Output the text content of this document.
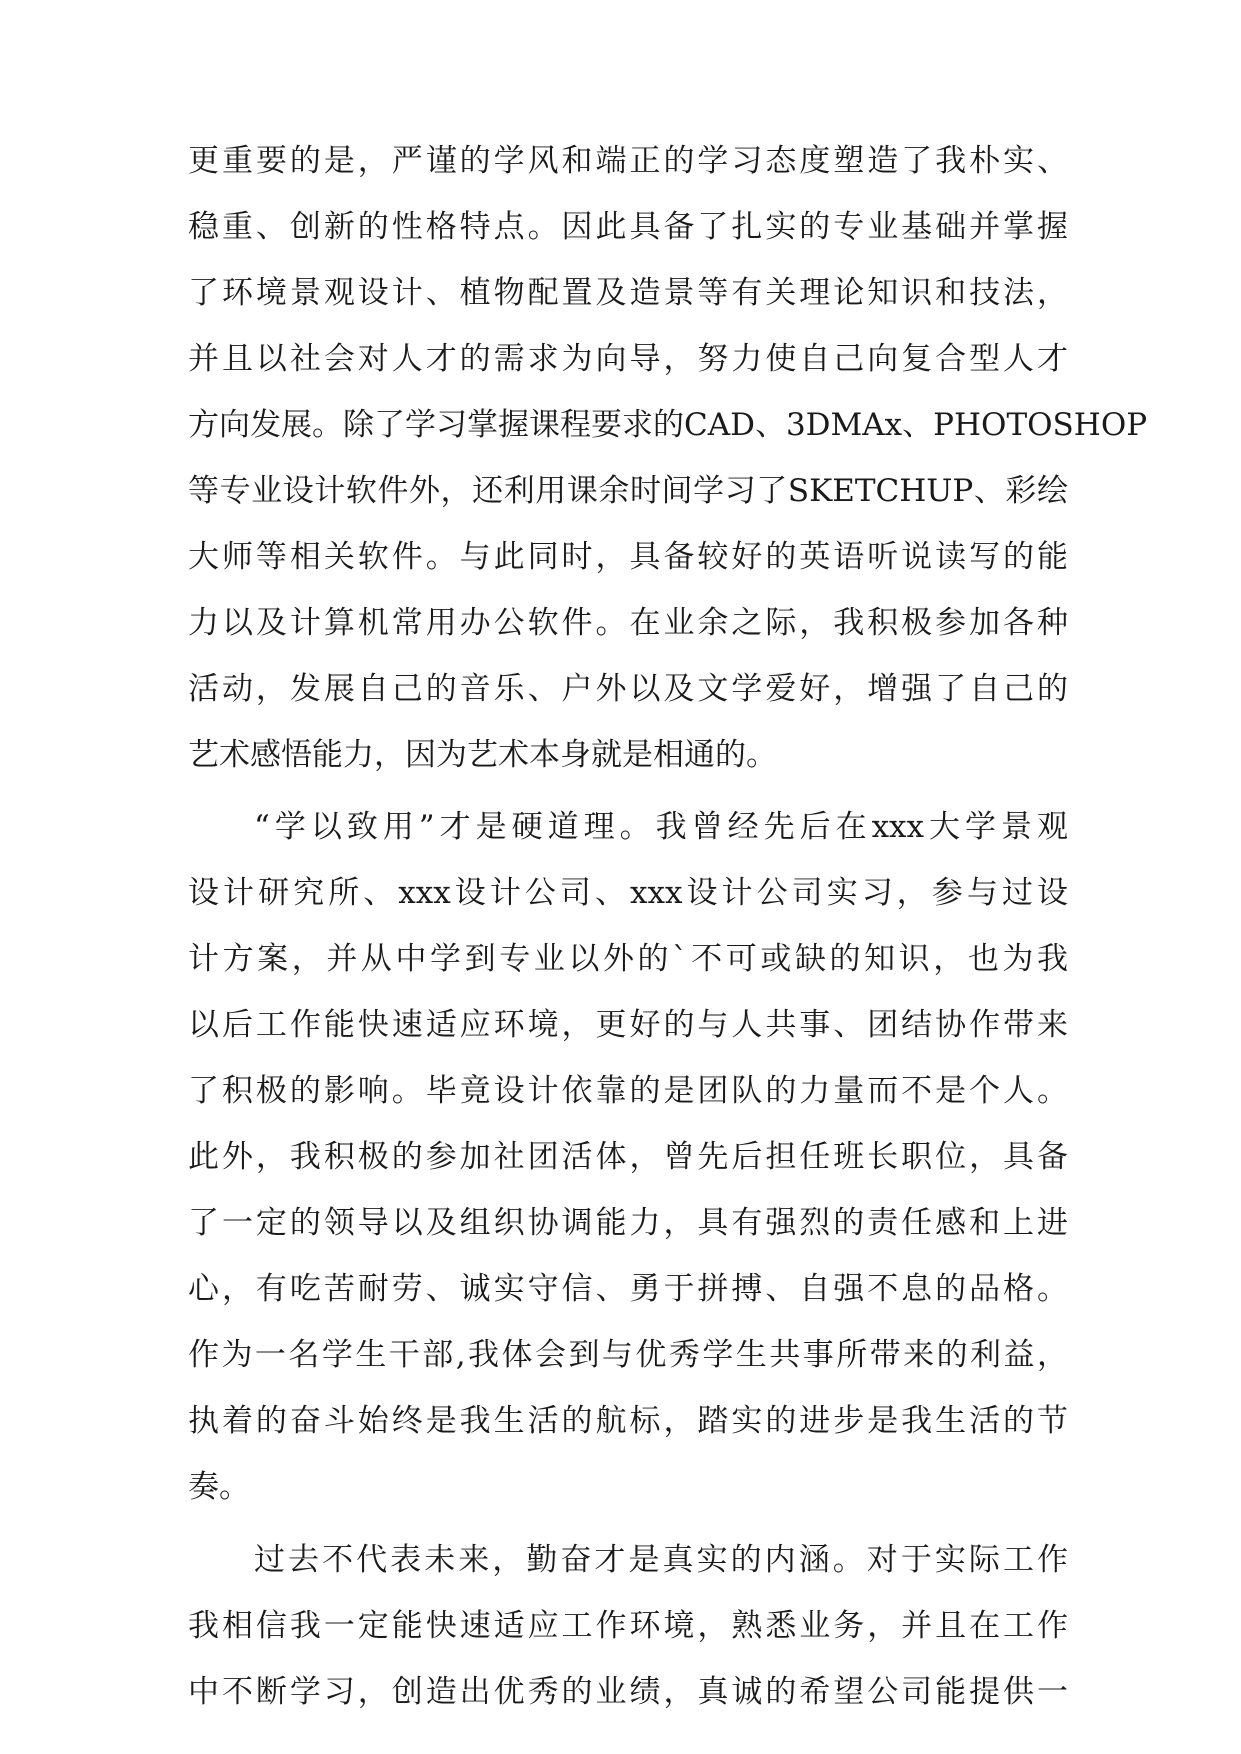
更重要的是，严谨的学风和端正的学习态度塑造了我朴实、
稳重、创新的性格特点。因此具备了扎实的专业基础并掌握
了环境景观设计、植物配置及造景等有关理论知识和技法，
并且以社会对人才的需求为向导，努力使自己向复合型人才
方向发展。除了学习掌握课程要求的CAD、3DMAx、PHOTOSHOP
等专业设计软件外，还利用课余时间学习了SKETCHUP、彩绘
大师等相关软件。与此同时，具备较好的英语听说读写的能
力以及计算机常用办公软件。在业余之际，我积极参加各种
活动，发展自己的音乐、户外以及文学爱好，增强了自己的
艺术感悟能力，因为艺术本身就是相通的。
“学以致用”才是硬道理。我曾经先后在xxx大学景观
设计研究所、xxx设计公司、xxx设计公司实习，参与过设
计方案，并从中学到专业以外的`不可或缺的知识，也为我
以后工作能快速适应环境，更好的与人共事、团结协作带来
了积极的影响。毕竟设计依靠的是团队的力量而不是个人。
此外，我积极的参加社团活体，曾先后担任班长职位，具备
了一定的领导以及组织协调能力，具有强烈的责任感和上进
心，有吃苦耐劳、诚实守信、勇于拼搏、自强不息的品格。
作为一名学生干部,我体会到与优秀学生共事所带来的利益，
执着的奋斗始终是我生活的航标，踏实的进步是我生活的节
奏。
过去不代表未来，勤奋才是真实的内涵。对于实际工作
我相信我一定能快速适应工作环境，熟悉业务，并且在工作
中不断学习，创造出优秀的业绩，真诚的希望公司能提供一
